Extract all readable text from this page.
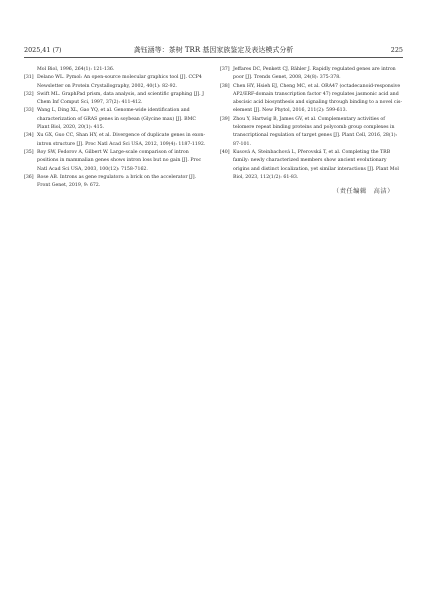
2025,41 (7)	龚钰涵等：茶树 TRR 基因家族鉴定及表达模式分析	225

Mol Biol, 1996, 264(1): 121-136.

[31] Delano WL. Pymol: An open-source molecular graphics tool [J]. CCP4 Newsletter on Protein Crystallography, 2002, 40(1): 82-92.

[32] Swift ML. GraphPad prism, data analysis, and scientific graphing [J]. J Chem Inf Comput Sci, 1997, 37(2): 411-412.

[33] Wang L, Ding XL, Gao YQ, et al. Genome-wide identification and characterization of GRAS genes in soybean (Glycine max) [J]. BMC Plant Biol, 2020, 20(1): 415.

[34] Xu GX, Guo CC, Shan HY, et al. Divergence of duplicate genes in exon-intron structure [J]. Proc Natl Acad Sci USA, 2012, 109(4): 1187-1192.

[35] Roy SW, Fedorov A, Gilbert W. Large-scale comparison of intron positions in mammalian genes shows intron loss but no gain [J]. Proc Natl Acad Sci USA, 2003, 100(12): 7158-7162.

[36] Rose AB. Introns as gene regulators: a brick on the accelerator [J]. Front Genet, 2019, 9: 672.

[37] Jeffares DC, Penkett CJ, Bähler J. Rapidly regulated genes are intron poor [J]. Trends Genet, 2008, 24(8): 375-378.

[38] Chen HY, Hsieh EJ, Cheng MC, et al. ORA47 (octadecanoid-responsive AP2/ERF-domain transcription factor 47) regulates jasmonic acid and abscisic acid biosynthesis and signaling through binding to a novel cis-element [J]. New Phytol, 2016, 211(2): 599-613.

[39] Zhou Y, Hartwig B, James GV, et al. Complementary activities of telomere repeat binding proteins and polycomb group complexes in transcriptional regulation of target genes [J]. Plant Cell, 2016, 28(1): 87-101.

[40] Kusová A, Steinbachová L, Přerovská T, et al. Completing the TRB family: newly characterized members show ancient evolutionary origins and distinct localization, yet similar interactions [J]. Plant Mol Biol, 2023, 112(1/2): 61-83.

（责任编辑　高洁）
